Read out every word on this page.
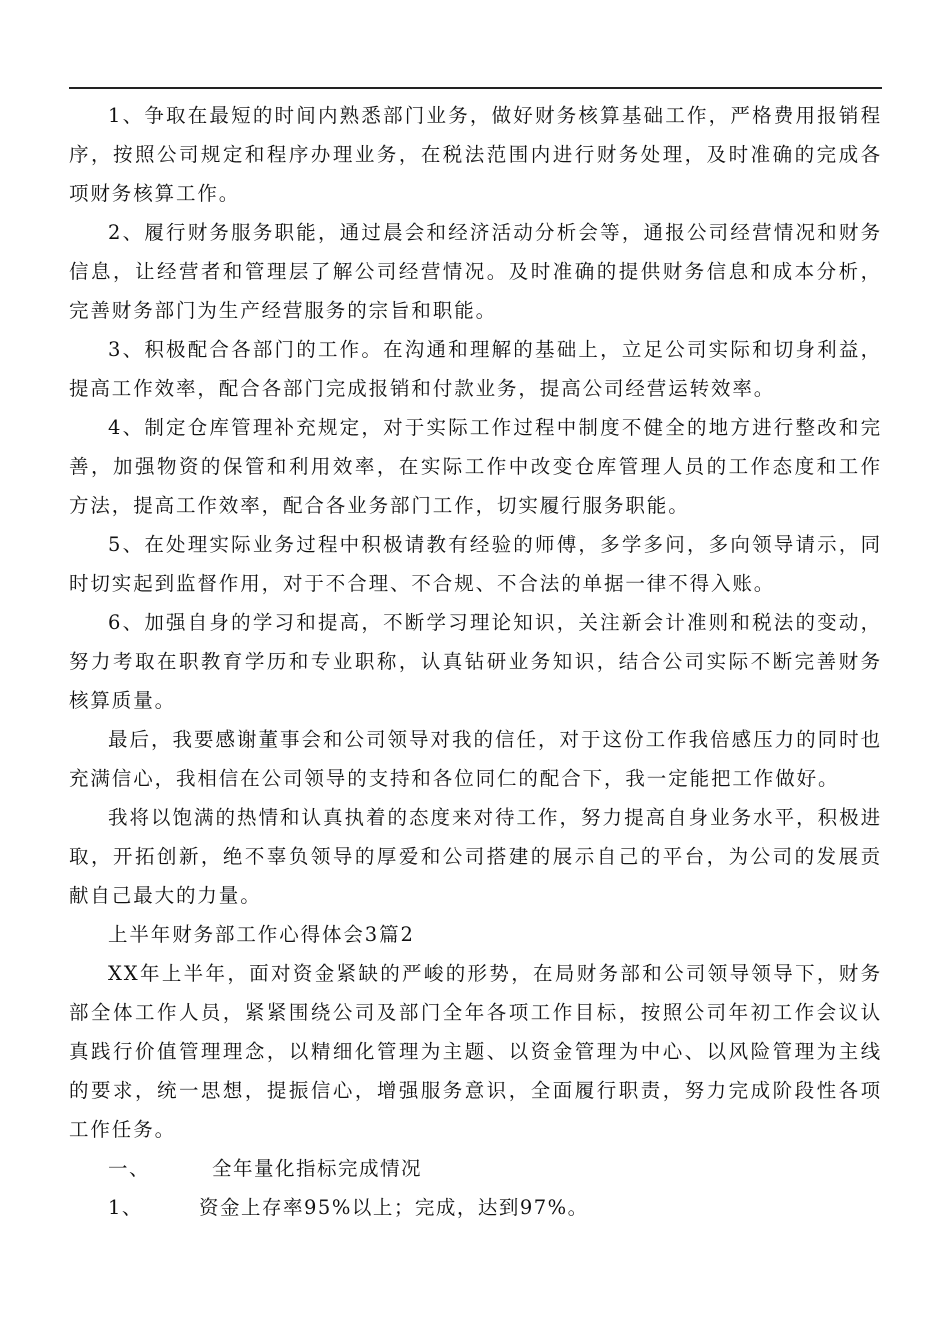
1、争取在最短的时间内熟悉部门业务，做好财务核算基础工作，严格费用报销程序，按照公司规定和程序办理业务，在税法范围内进行财务处理，及时准确的完成各项财务核算工作。

2、履行财务服务职能，通过晨会和经济活动分析会等，通报公司经营情况和财务信息，让经营者和管理层了解公司经营情况。及时准确的提供财务信息和成本分析，完善财务部门为生产经营服务的宗旨和职能。

3、积极配合各部门的工作。在沟通和理解的基础上，立足公司实际和切身利益，提高工作效率，配合各部门完成报销和付款业务，提高公司经营运转效率。

4、制定仓库管理补充规定，对于实际工作过程中制度不健全的地方进行整改和完善，加强物资的保管和利用效率，在实际工作中改变仓库管理人员的工作态度和工作方法，提高工作效率，配合各业务部门工作，切实履行服务职能。

5、在处理实际业务过程中积极请教有经验的师傅，多学多问，多向领导请示，同时切实起到监督作用，对于不合理、不合规、不合法的单据一律不得入账。

6、加强自身的学习和提高，不断学习理论知识，关注新会计准则和税法的变动，努力考取在职教育学历和专业职称，认真钻研业务知识，结合公司实际不断完善财务核算质量。

最后，我要感谢董事会和公司领导对我的信任，对于这份工作我倍感压力的同时也充满信心，我相信在公司领导的支持和各位同仁的配合下，我一定能把工作做好。

我将以饱满的热情和认真执着的态度来对待工作，努力提高自身业务水平，积极进取，开拓创新，绝不辜负领导的厚爱和公司搭建的展示自己的平台，为公司的发展贡献自己最大的力量。

上半年财务部工作心得体会3篇2

XX年上半年，面对资金紧缺的严峻的形势，在局财务部和公司领导领导下，财务部全体工作人员，紧紧围绕公司及部门全年各项工作目标，按照公司年初工作会议认真践行价值管理理念，以精细化管理为主题、以资金管理为中心、以风险管理为主线的要求，统一思想，提振信心，增强服务意识，全面履行职责，努力完成阶段性各项工作任务。

一、	全年量化指标完成情况

1、	资金上存率95%以上；完成，达到97%。
